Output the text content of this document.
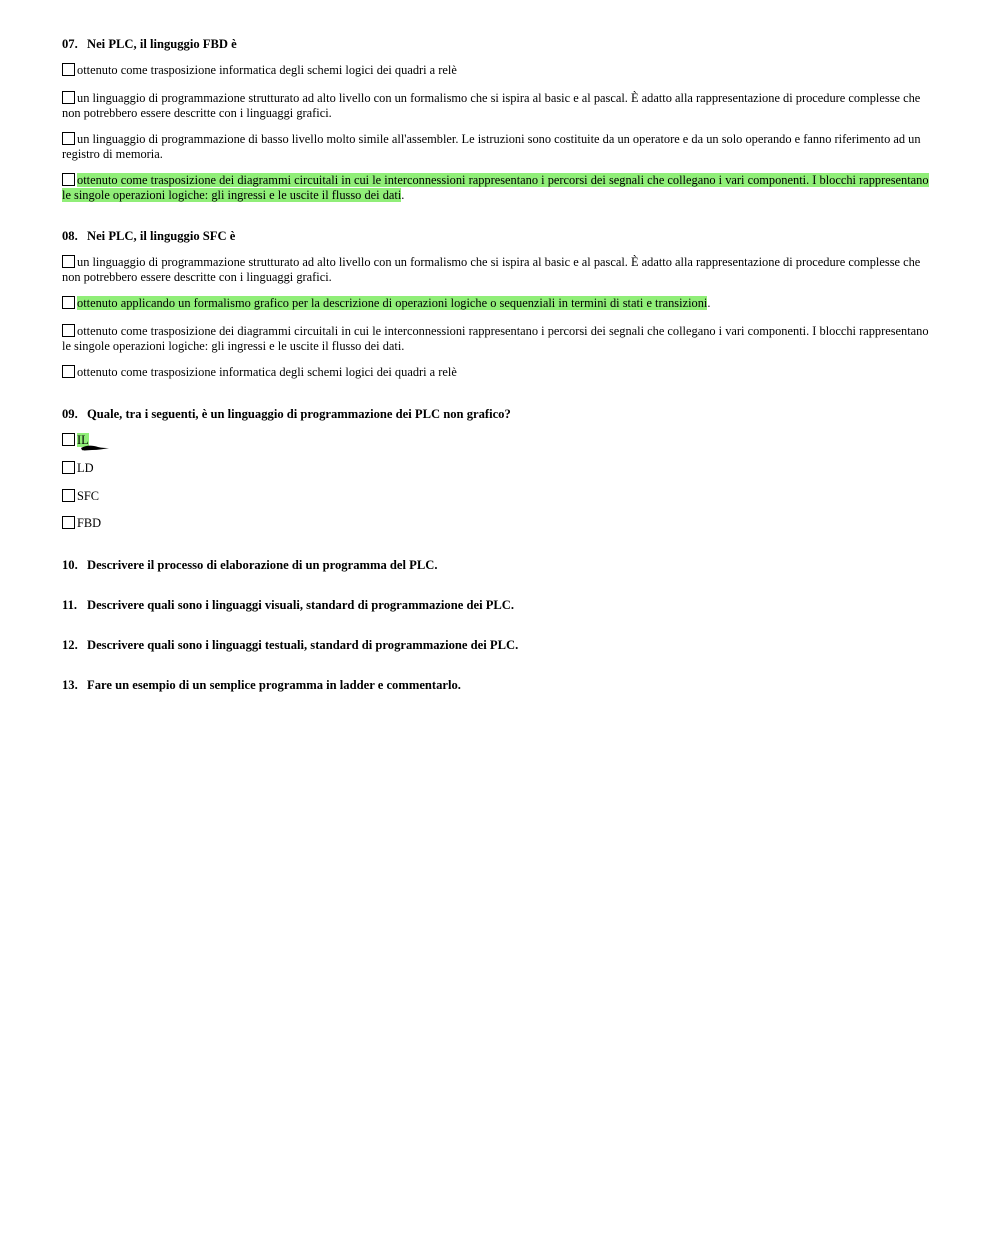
07. Nei PLC, il linguggio FBD è

ottenuto come trasposizione informatica degli schemi logici dei quadri a relè
un linguaggio di programmazione strutturato ad alto livello con un formalismo che si ispira al basic e al pascal. È adatto alla rappresentazione di procedure complesse che non potrebbero essere descritte con i linguaggi grafici.
un linguaggio di programmazione di basso livello molto simile all'assembler. Le istruzioni sono costituite da un operatore e da un solo operando e fanno riferimento ad un registro di memoria.
ottenuto come trasposizione dei diagrammi circuitali in cui le interconnessioni rappresentano i percorsi dei segnali che collegano i vari componenti. I blocchi rappresentano le singole operazioni logiche: gli ingressi e le uscite il flusso dei dati.

08. Nei PLC, il linguggio SFC è

un linguaggio di programmazione strutturato ad alto livello con un formalismo che si ispira al basic e al pascal. È adatto alla rappresentazione di procedure complesse che non potrebbero essere descritte con i linguaggi grafici.
ottenuto applicando un formalismo grafico per la descrizione di operazioni logiche o sequenziali in termini di stati e transizioni.
ottenuto come trasposizione dei diagrammi circuitali in cui le interconnessioni rappresentano i percorsi dei segnali che collegano i vari componenti. I blocchi rappresentano le singole operazioni logiche: gli ingressi e le uscite il flusso dei dati.
ottenuto come trasposizione informatica degli schemi logici dei quadri a relè

09. Quale, tra i seguenti, è un linguaggio di programmazione dei PLC non grafico?

IL
LD
SFC
FBD

10. Descrivere il processo di elaborazione di un programma del PLC.

11. Descrivere quali sono i linguaggi visuali, standard di programmazione dei PLC.

12. Descrivere quali sono i linguaggi testuali, standard di programmazione dei PLC.

13. Fare un esempio di un semplice programma in ladder e commentarlo.
